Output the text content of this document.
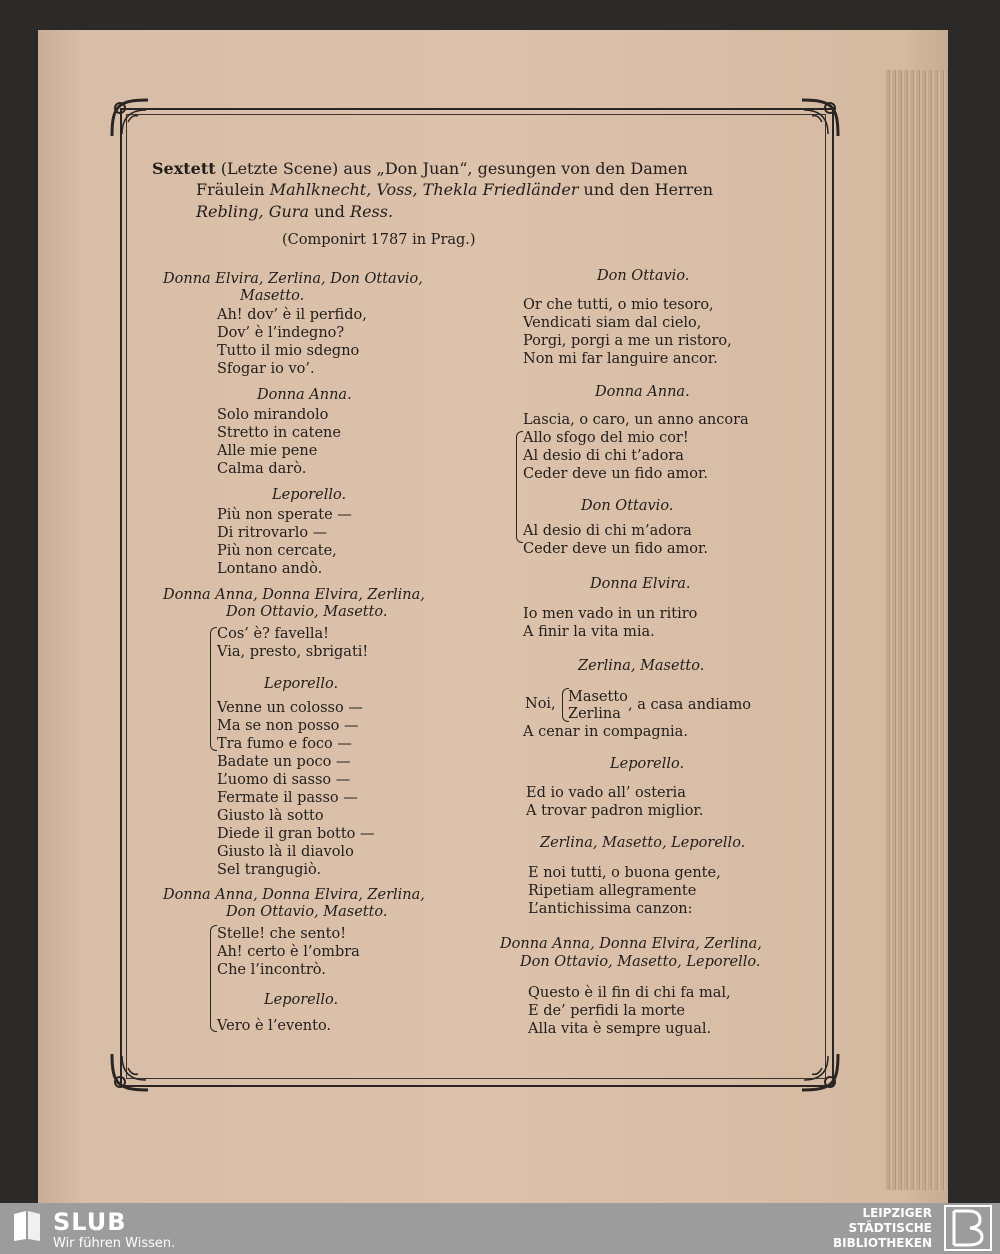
Sextett (Letzte Scene) aus „Don Juan“, gesungen von den Damen
Fräulein Mahlknecht, Voss, Thekla Friedländer und den Herren
Rebling, Gura und Ress.
(Componirt 1787 in Prag.)
Donna Elvira, Zerlina, Don Ottavio,
Masetto.
Ah! dov’ è il perfido,
Dov’ è l’indegno?
Tutto il mio sdegno
Sfogar io vo’.
Donna Anna.
Solo mirandolo
Stretto in catene
Alle mie pene
Calma darò.
Leporello.
Più non sperate —
Di ritrovarlo —
Più non cercate,
Lontano andò.
Donna Anna, Donna Elvira, Zerlina,
Don Ottavio, Masetto.
Cos’ è? favella!
Via, presto, sbrigati!
Leporello.
Venne un colosso —
Ma se non posso —
Tra fumo e foco —
Badate un poco —
L’uomo di sasso —
Fermate il passo —
Giusto là sotto
Diede il gran botto —
Giusto là il diavolo
Sel trangugiò.
Donna Anna, Donna Elvira, Zerlina,
Don Ottavio, Masetto.
Stelle! che sento!
Ah! certo è l’ombra
Che l’incontrò.
Leporello.
Vero è l’evento.
Don Ottavio.
Or che tutti, o mio tesoro,
Vendicati siam dal cielo,
Porgi, porgi a me un ristoro,
Non mi far languire ancor.
Donna Anna.
Lascia, o caro, un anno ancora
Allo sfogo del mio cor!
Al desio di chi t’adora
Ceder deve un fido amor.
Don Ottavio.
Al desio di chi m’adora
Ceder deve un fido amor.
Donna Elvira.
Io men vado in un ritiro
A finir la vita mia.
Zerlina, Masetto.
A cenar in compagnia.
Leporello.
Ed io vado all’ osteria
A trovar padron miglior.
Zerlina, Masetto, Leporello.
E noi tutti, o buona gente,
Ripetiam allegramente
L’antichissima canzon:
Donna Anna, Donna Elvira, Zerlina,
Don Ottavio, Masetto, Leporello.
Questo è il fin di chi fa mal,
E de’ perfidi la morte
Alla vita è sempre ugual.
Noi, Masetto
Zerlina
, a casa andiamo
SLUB
Wir führen Wissen.
LEIPZIGER
STÄDTISCHE
BIBLIOTHEKEN
